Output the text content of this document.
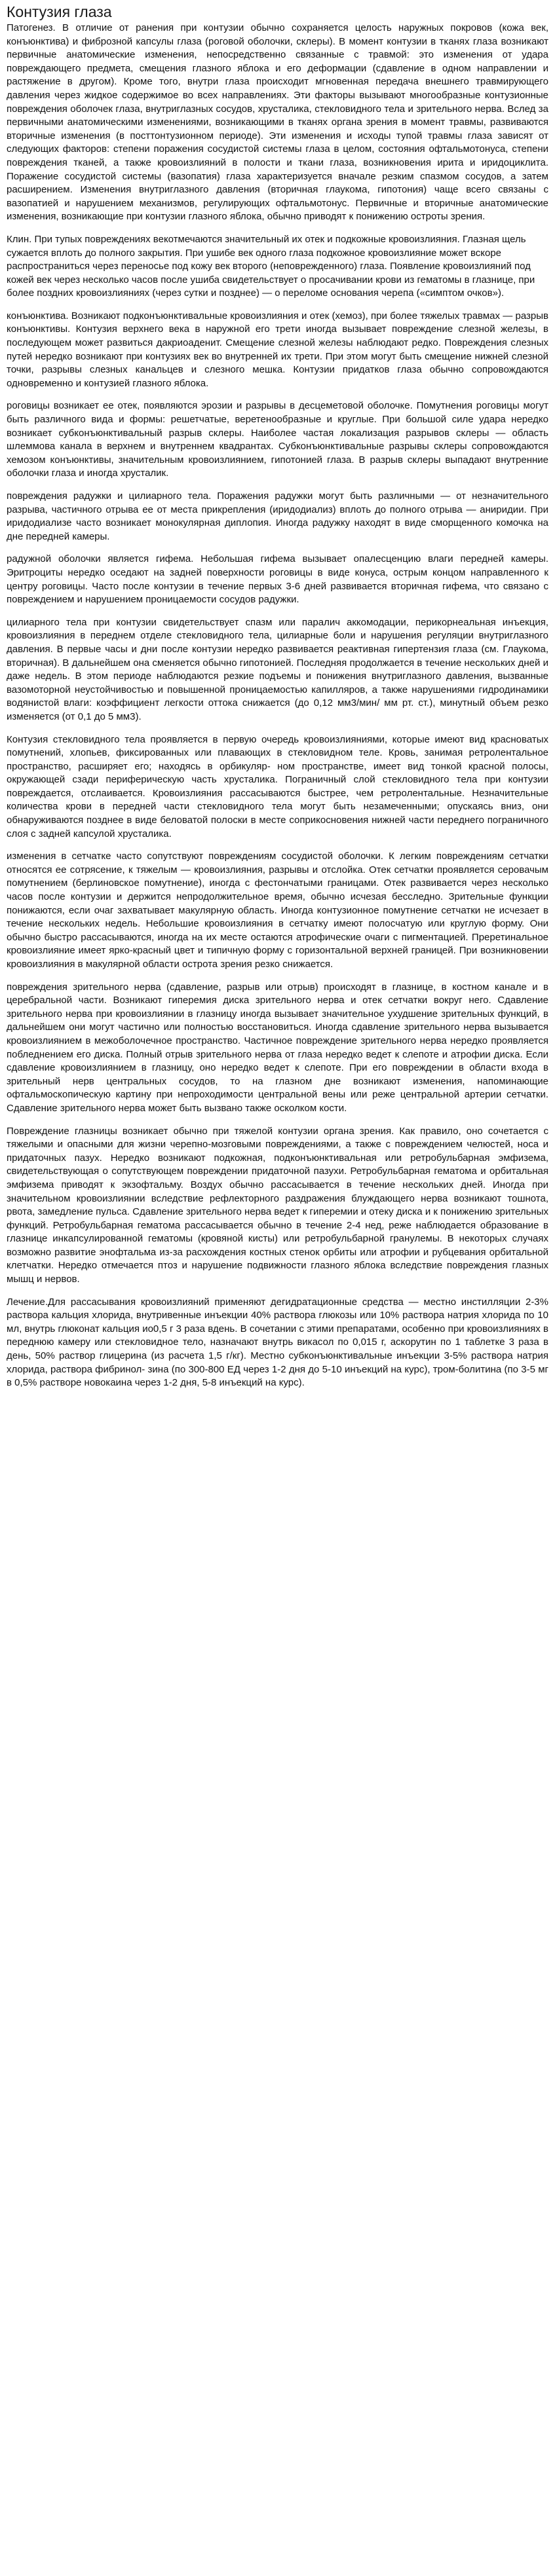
Контузия глаза

Патогенез. В отличие от ранения при контузии обычно сохраняется целость наружных покровов (кожа век, конъюнктива) и фиброзной капсулы глаза (роговой оболочки, склеры). В момент контузии в тканях глаза возникают первичные анатомические изменения, непосредственно связанные с травмой: это изменения от удара повреждающего предмета, смещения глазного яблока и его деформации (сдавление в одном направлении и растяжение в другом). Кроме того, внутри глаза происходит мгновенная передача внешнего травмирующего давления через жидкое содержимое во всех направлениях. Эти факторы вызывают многообразные контузионные повреждения оболочек глаза, внутриглазных сосудов, хрусталика, стекловидного тела и зрительного нерва. Вслед за первичными анатомическими изменениями, возникающими в тканях органа зрения в момент травмы, развиваются вторичные изменения (в посттонтузионном периоде). Эти изменения и исходы тупой травмы глаза зависят от следующих факторов: степени поражения сосудистой системы глаза в целом, состояния офтальмотонуса, степени повреждения тканей, а также кровоизлияний в полости и ткани глаза, возникновения ирита и иридоциклита. Поражение сосудистой системы (вазопатия) глаза характеризуется вначале резким спазмом сосудов, а затем расширением. Изменения внутриглазного давления (вторичная глаукома, гипотония) чаще всего связаны с вазопатией и нарушением механизмов, регулирующих офтальмотонус. Первичные и вторичные анатомические изменения, возникающие при контузии глазного яблока, обычно приводят к понижению остроты зрения.

Клин. При тупых повреждениях векотмечаются значительный их отек и подкожные кровоизлияния. Глазная щель сужается вплоть до полного закрытия. При ушибе век одного глаза подкожное кровоизлияние может вскоре распространиться через переносье под кожу век второго (неповрежденного) глаза. Появление кровоизлияний под кожей век через несколько часов после ушиба свидетельствует о просачивании крови из гематомы в глазнице, при более поздних кровоизлияниях (через сутки и позднее) — о переломе основания черепа («симптом очков»).

конъюнктива. Возникают подконъюнктивальные кровоизлияния и отек (хемоз), при более тяжелых травмах — разрыв конъюнктивы. Контузия верхнего века в наружной его трети иногда вызывает повреждение слезной железы, в последующем может развиться дакриоаденит. Смещение слезной железы наблюдают редко. Повреждения слезных путей нередко возникают при контузиях век во внутренней их трети. При этом могут быть смещение нижней слезной точки, разрывы слезных канальцев и слезного мешка. Контузии придатков глаза обычно сопровождаются одновременно и контузией глазного яблока.

роговицы возникает ее отек, появляются эрозии и разрывы в десцеметовой оболочке. Помутнения роговицы могут быть различного вида и формы: решетчатые, веретенообразные и круглые. При большой силе удара нередко возникает субконъюнктивальный разрыв склеры. Наиболее частая локализация разрывов склеры — область шлеммова канала в верхнем и внутреннем квадрантах. Субконъюнктивальные разрывы склеры сопровождаются хемозом конъюнктивы, значительным кровоизлиянием, гипотонией глаза. В разрыв склеры выпадают внутренние оболочки глаза и иногда хрусталик.

повреждения радужки и цилиарного тела. Поражения радужки могут быть различными — от незначительного разрыва, частичного отрыва ее от места прикрепления (иридодиализ) вплоть до полного отрыва — аниридии. При иридодиализе часто возникает монокулярная диплопия. Иногда радужку находят в виде сморщенного комочка на дне передней камеры.

радужной оболочки является гифема. Небольшая гифема вызывает опалесценцию влаги передней камеры. Эритроциты нередко оседают на задней поверхности роговицы в виде конуса, острым концом направленного к центру роговицы. Часто после контузии в течение первых 3-6 дней развивается вторичная гифема, что связано с повреждением и нарушением проницаемости сосудов радужки.

цилиарного тела при контузии свидетельствует спазм или паралич аккомодации, перикорнеальная инъекция, кровоизлияния в переднем отделе стекловидного тела, цилиарные боли и нарушения регуляции внутриглазного давления. В первые часы и дни после контузии нередко развивается реактивная гипертензия глаза (см. Глаукома, вторичная). В дальнейшем она сменяется обычно гипотонией. Последняя продолжается в течение нескольких дней и даже недель. В этом периоде наблюдаются резкие подъемы и понижения внутриглазного давления, вызванные вазомоторной неустойчивостью и повышенной проницаемостью капилляров, а также нарушениями гидродинамики водянистой влаги: коэффициент легкости оттока снижается (до 0,12 мм3/мин/ мм рт. ст.), минутный объем резко изменяется (от 0,1 до 5 мм3).

Контузия стекловидного тела проявляется в первую очередь кровоизлияниями, которые имеют вид красноватых помутнений, хлопьев, фиксированных или плавающих в стекловидном теле. Кровь, занимая ретролентальное пространство, расширяет его; находясь в орбикуляр- ном пространстве, имеет вид тонкой красной полосы, окружающей сзади периферическую часть хрусталика. Пограничный слой стекловидного тела при контузии повреждается, отслаивается. Кровоизлияния рассасываются быстрее, чем ретролентальные. Незначительные количества крови в передней части стекловидного тела могут быть незамеченными; опускаясь вниз, они обнаруживаются позднее в виде беловатой полоски в месте соприкосновения нижней части переднего пограничного слоя с задней капсулой хрусталика.

изменения в сетчатке часто сопутствуют повреждениям сосудистой оболочки. К легким повреждениям сетчатки относятся ее сотрясение, к тяжелым — кровоизлияния, разрывы и отслойка. Отек сетчатки проявляется серовачым помутнением (берлиновское помутнение), иногда с фестончатыми границами. Отек развивается через несколько часов после контузии и держится непродолжительное время, обычно исчезая бесследно. Зрительные функции понижаются, если очаг захватывает макулярную область. Иногда контузионное помутнение сетчатки не исчезает в течение нескольких недель. Небольшие кровоизлияния в сетчатку имеют полосчатую или круглую форму. Они обычно быстро рассасываются, иногда на их месте остаются атрофические очаги с пигментацией. Преретинальное кровоизлияние имеет ярко-красный цвет и типичную форму с горизонтальной верхней границей. При возникновении кровоизлияния в макулярной области острота зрения резко снижается.

повреждения зрительного нерва (сдавление, разрыв или отрыв) происходят в глазнице, в костном канале и в церебральной части. Возникают гиперемия диска зрительного нерва и отек сетчатки вокруг него. Сдавление зрительного нерва при кровоизлиянии в глазницу иногда вызывает значительное ухудшение зрительных функций, в дальнейшем они могут частично или полностью восстановиться. Иногда сдавление зрительного нерва вызывается кровоизлиянием в межоболочечное пространство. Частичное повреждение зрительного нерва нередко проявляется побледнением его диска. Полный отрыв зрительного нерва от глаза нередко ведет к слепоте и атрофии диска. Если сдавление кровоизлиянием в глазницу, оно нередко ведет к слепоте. При его повреждении в области входа в зрительный нерв центральных сосудов, то на глазном дне возникают изменения, напоминающие офтальмоскопическую картину при непроходимости центральной вены или реже центральной артерии сетчатки. Сдавление зрительного нерва может быть вызвано также осколком кости.

Повреждение глазницы возникает обычно при тяжелой контузии органа зрения. Как правило, оно сочетается с тяжелыми и опасными для жизни черепно-мозговыми повреждениями, а также с повреждением челюстей, носа и придаточных пазух. Нередко возникают подкожная, подконъюнктивальная или ретробульбарная эмфизема, свидетельствующая о сопутствующем повреждении придаточной пазухи. Ретробульбарная гематома и орбитальная эмфизема приводят к экзофтальму. Воздух обычно рассасывается в течение нескольких дней. Иногда при значительном кровоизлиянии вследствие рефлекторного раздражения блуждающего нерва возникают тошнота, рвота, замедление пульса. Сдавление зрительного нерва ведет к гиперемии и отеку диска и к понижению зрительных функций. Ретробульбарная гематома рассасывается обычно в течение 2-4 нед, реже наблюдается образование в глазнице инкапсулированной гематомы (кровяной кисты) или ретробульбарной гранулемы. В некоторых случаях возможно развитие энофтальма из-за расхождения костных стенок орбиты или атрофии и рубцевания орбитальной клетчатки. Нередко отмечается птоз и нарушение подвижности глазного яблока вследствие повреждения глазных мышц и нервов.

Лечение.Для рассасывания кровоизлияний применяют дегидратационные средства — местно инстилляции 2-3% раствора кальция хлорида, внутривенные инъекции 40% раствора глюкозы или 10% раствора натрия хлорида по 10 мл, внутрь глюконат кальция ио0,5 г 3 раза вдень. В сочетании с этими препаратами, особенно при кровоизлияниях в переднюю камеру или стекловидное тело, назначают внутрь викасол по 0,015 г, аскорутин по 1 таблетке 3 раза в день, 50% раствор глицерина (из расчета 1,5 г/кг). Местно субконъюнктивальные инъекции 3-5% раствора натрия хлорида, раствора фибринол- зина (по 300-800 ЕД через 1-2 дня до 5-10 инъекций на курс), тром-болитина (по 3-5 мг в 0,5% растворе новокаина через 1-2 дня, 5-8 инъекций на курс).
